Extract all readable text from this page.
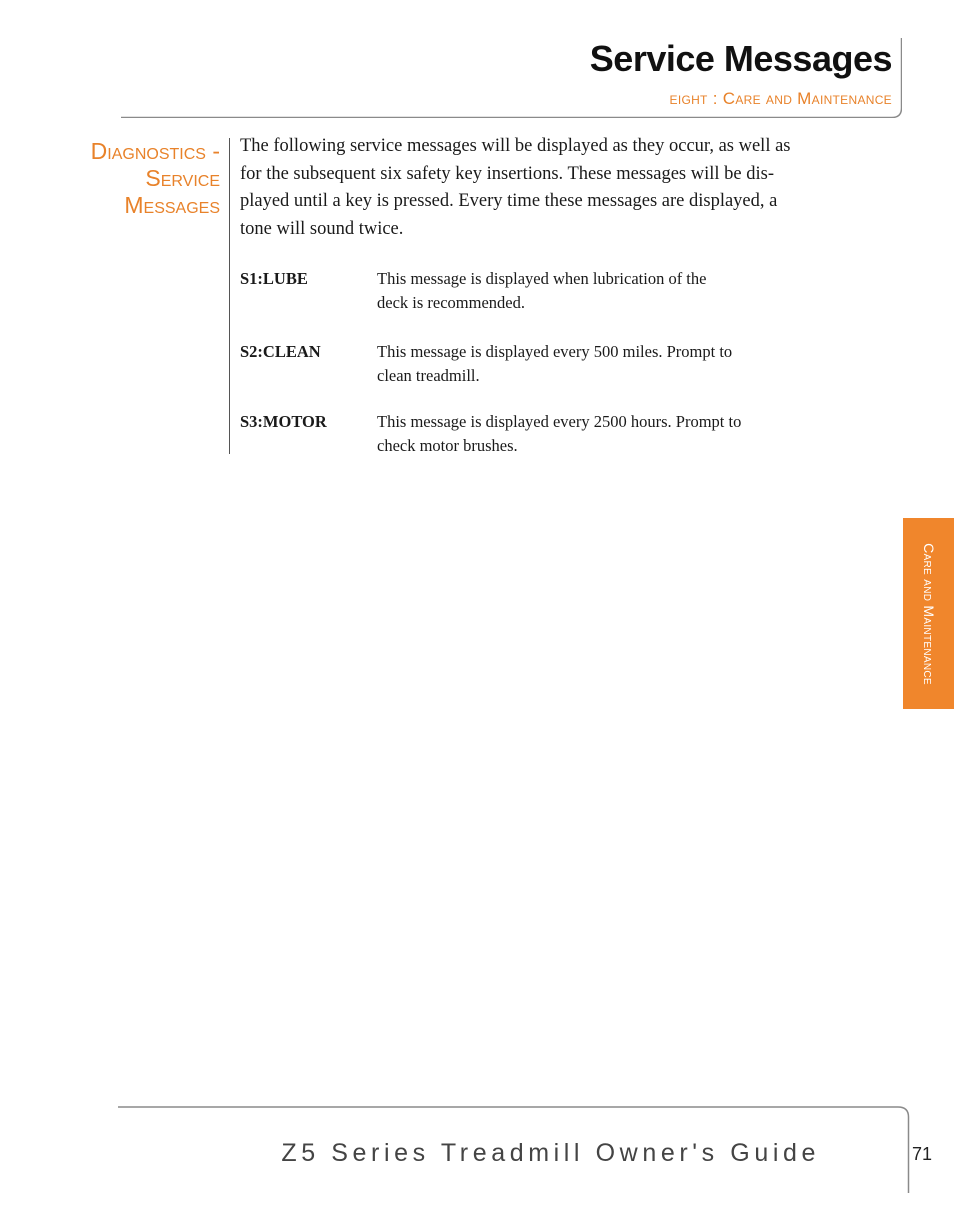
Service Messages
eight : Care and Maintenance
Diagnostics -
Service
Messages
The following service messages will be displayed as they occur, as well as
for the subsequent six safety key insertions. These messages will be dis-
played until a key is pressed. Every time these messages are displayed, a
tone will sound twice.
S1:LUBE	This message is displayed when lubrication of the
deck is recommended.
S2:CLEAN	This message is displayed every 500 miles. Prompt to
clean treadmill.
S3:MOTOR	This message is displayed every 2500 hours. Prompt to
check motor brushes.
Care and Maintenance
Z5 Series Treadmill Owner's Guide	71
